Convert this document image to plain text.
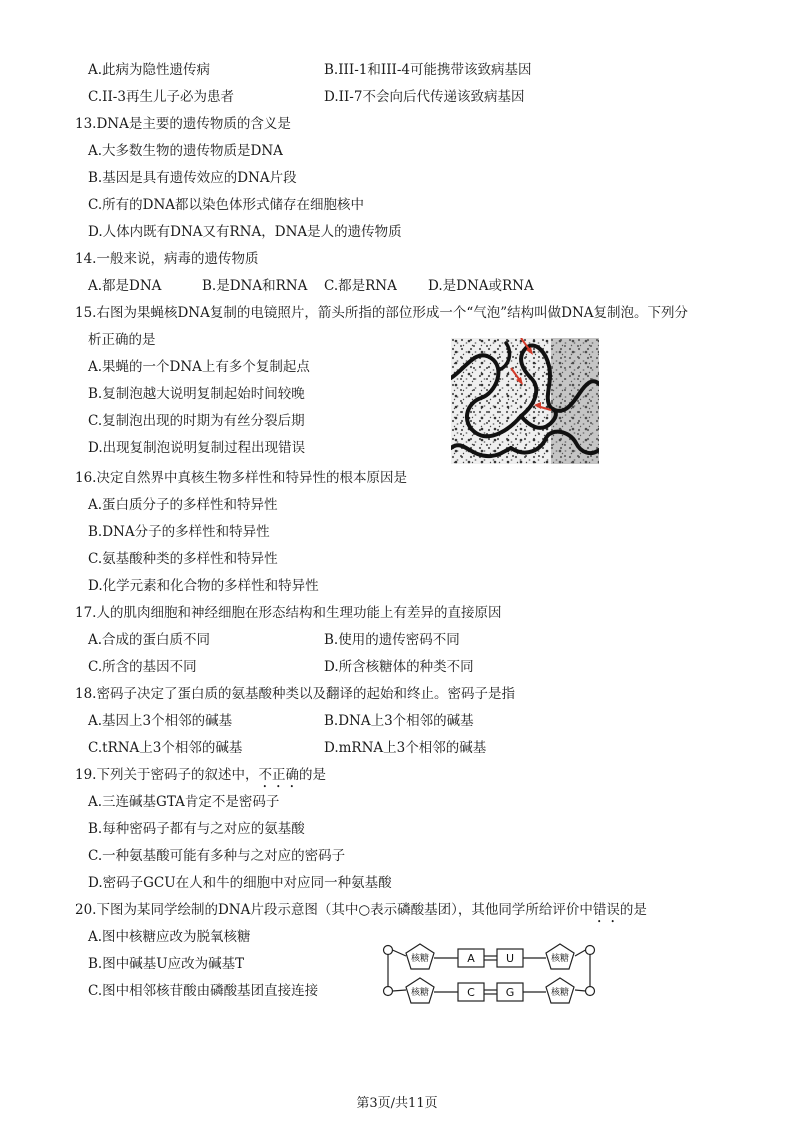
A.此病为隐性遗传病	B.III-1和III-4可能携带该致病基因
C.II-3再生儿子必为患者	D.II-7不会向后代传递该致病基因
13.DNA是主要的遗传物质的含义是
A.大多数生物的遗传物质是DNA
B.基因是具有遗传效应的DNA片段
C.所有的DNA都以染色体形式储存在细胞核中
D.人体内既有DNA又有RNA，DNA是人的遗传物质
14.一般来说，病毒的遗传物质
A.都是DNA	B.是DNA和RNA C.都是RNA D.是DNA或RNA
15.右图为果蝇核DNA复制的电镜照片，箭头所指的部位形成一个“气泡”结构叫做DNA复制泡。下列分
析正确的是
A.果蝇的一个DNA上有多个复制起点
B.复制泡越大说明复制起始时间较晚
C.复制泡出现的时期为有丝分裂后期
D.出现复制泡说明复制过程出现错误
16.决定自然界中真核生物多样性和特异性的根本原因是
A.蛋白质分子的多样性和特异性
B.DNA分子的多样性和特异性
C.氨基酸种类的多样性和特异性
D.化学元素和化合物的多样性和特异性
17.人的肌肉细胞和神经细胞在形态结构和生理功能上有差异的直接原因
A.合成的蛋白质不同	B.使用的遗传密码不同
C.所含的基因不同	D.所含核糖体的种类不同
18.密码子决定了蛋白质的氨基酸种类以及翻译的起始和终止。密码子是指
A.基因上3个相邻的碱基	B.DNA上3个相邻的碱基
C.tRNA上3个相邻的碱基	D.mRNA上3个相邻的碱基
19.下列关于密码子的叙述中，不正确的是
A.三连碱基GTA肯定不是密码子
B.每种密码子都有与之对应的氨基酸
C.一种氨基酸可能有多种与之对应的密码子
D.密码子GCU在人和牛的细胞中对应同一种氨基酸
20.下图为某同学绘制的DNA片段示意图（其中○表示磷酸基团），其他同学所给评价中错误的是
A.图中核糖应改为脱氧核糖
B.图中碱基U应改为碱基T
C.图中相邻核苷酸由磷酸基团直接连接
核糖
核糖
核糖
核糖
A	U
C	G
第3页/共11页
